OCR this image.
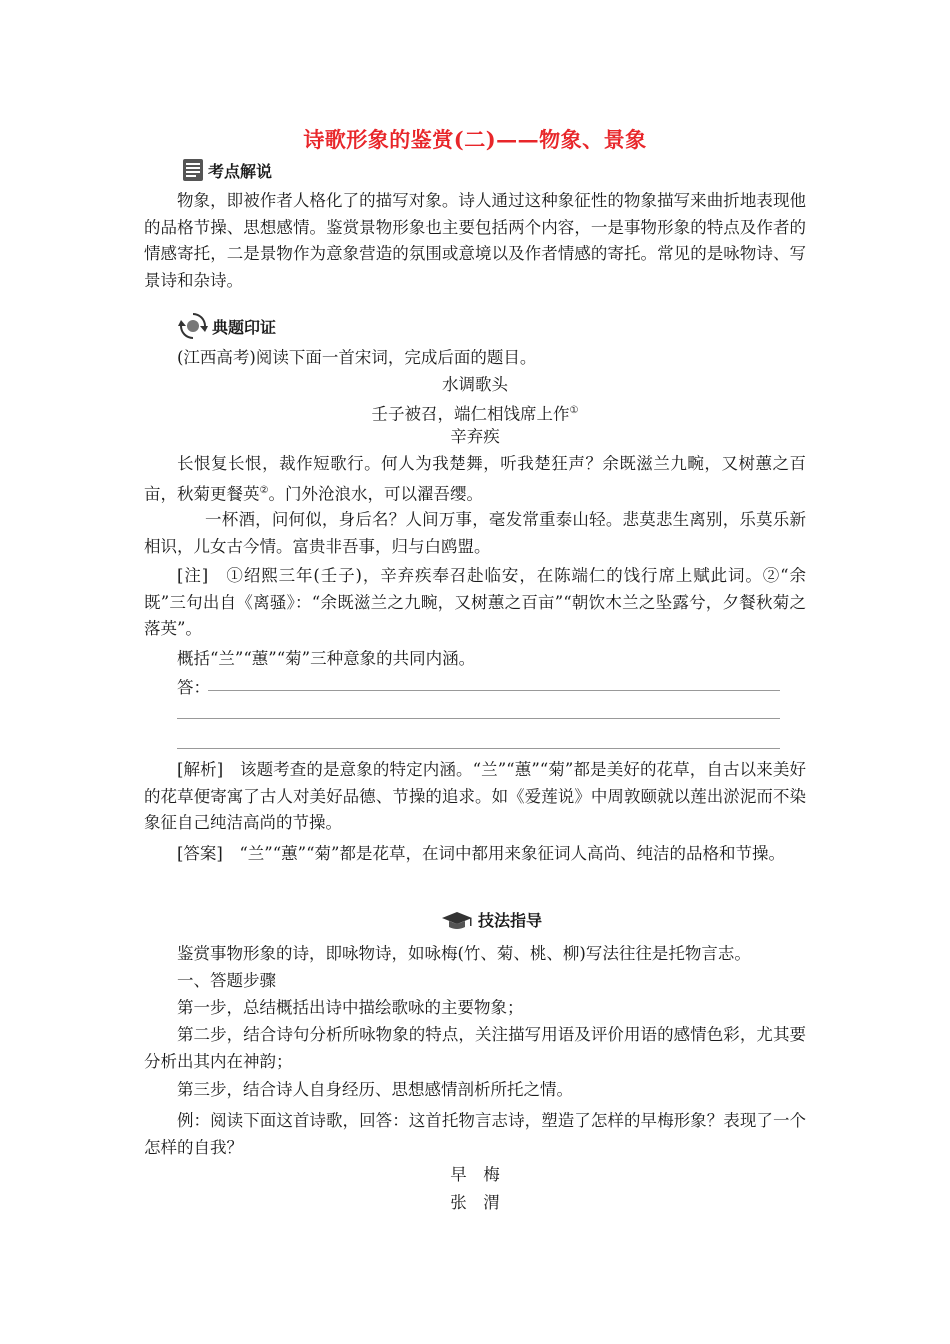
诗歌形象的鉴赏(二)——物象、景象
考点解说

物象，即被作者人格化了的描写对象。诗人通过这种象征性的物象描写来曲折地表现他的品格节操、思想感情。鉴赏景物形象也主要包括两个内容，一是事物形象的特点及作者的情感寄托，二是景物作为意象营造的氛围或意境以及作者情感的寄托。常见的是咏物诗、写景诗和杂诗。

典题印证

(江西高考)阅读下面一首宋词，完成后面的题目。

水调歌头
壬子被召，端仁相饯席上作①
辛弃疾

长恨复长恨，裁作短歌行。何人为我楚舞，听我楚狂声？余既滋兰九畹，又树蕙之百亩，秋菊更餐英②。门外沧浪水，可以濯吾缨。

一杯酒，问何似，身后名？人间万事，毫发常重泰山轻。悲莫悲生离别，乐莫乐新相识，儿女古今情。富贵非吾事，归与白鸥盟。

[注]　①绍熙三年(壬子)，辛弃疾奉召赴临安，在陈端仁的饯行席上赋此词。②“余既”三句出自《离骚》：“余既滋兰之九畹，又树蕙之百亩”“朝饮木兰之坠露兮，夕餐秋菊之落英”。

概括“兰”“蕙”“菊”三种意象的共同内涵。

答：

[解析]　该题考查的是意象的特定内涵。“兰”“蕙”“菊”都是美好的花草，自古以来美好的花草便寄寓了古人对美好品德、节操的追求。如《爱莲说》中周敦颐就以莲出淤泥而不染象征自己纯洁高尚的节操。

[答案]　“兰”“蕙”“菊”都是花草，在词中都用来象征词人高尚、纯洁的品格和节操。

技法指导

鉴赏事物形象的诗，即咏物诗，如咏梅(竹、菊、桃、柳)写法往往是托物言志。

一、答题步骤

第一步，总结概括出诗中描绘歌咏的主要物象；

第二步，结合诗句分析所咏物象的特点，关注描写用语及评价用语的感情色彩，尤其要分析出其内在神韵；

第三步，结合诗人自身经历、思想感情剖析所托之情。

例：阅读下面这首诗歌，回答：这首托物言志诗，塑造了怎样的早梅形象？表现了一个怎样的自我？

早　梅
张　渭
